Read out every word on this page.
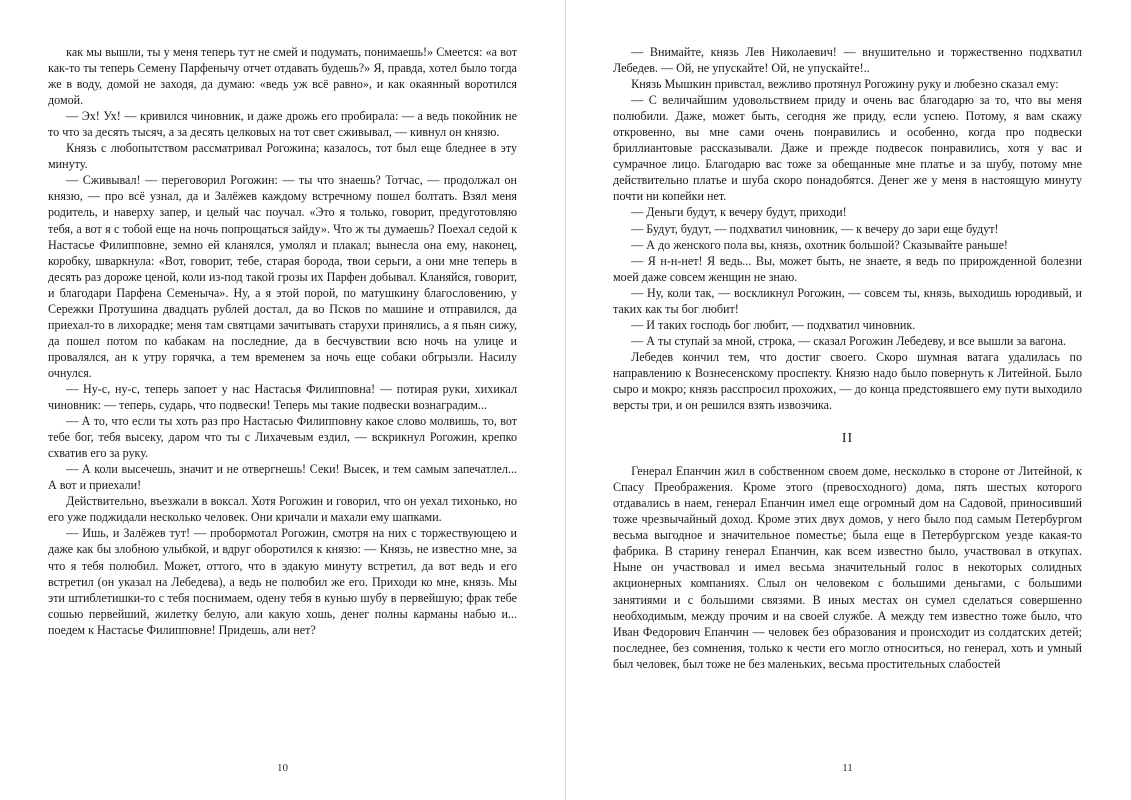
как мы вышли, ты у меня теперь тут не смей и подумать, понимаешь!» Смеется: «а вот как-то ты теперь Семену Парфенычу отчет отдавать будешь?» Я, правда, хотел было тогда же в воду, домой не заходя, да думаю: «ведь уж всё равно», и как окаянный воротился домой.

— Эх! Ух! — кривился чиновник, и даже дрожь его пробирала: — а ведь покойник не то что за десять тысяч, а за десять целковых на тот свет сживывал, — кивнул он князю.

Князь с любопытством рассматривал Рогожина; казалось, тот был еще бледнее в эту минуту.

— Сживывал! — переговорил Рогожин: — ты что знаешь? Тотчас, — продолжал он князю, — про всё узнал, да и Залёжев каждому встречному пошел болтать. Взял меня родитель, и наверху запер, и целый час поучал. «Это я только, говорит, предуготовляю тебя, а вот я с тобой еще на ночь попрощаться зайду». Что ж ты думаешь? Поехал седой к Настасье Филипповне, земно ей кланялся, умолял и плакал; вынесла она ему, наконец, коробку, шваркнула: «Вот, говорит, тебе, старая борода, твои серьги, а они мне теперь в десять раз дороже ценой, коли из-под такой грозы их Парфен добывал. Кланяйся, говорит, и благодари Парфена Семеныча». Ну, а я этой порой, по матушкину благословению, у Сережки Протушина двадцать рублей достал, да во Псков по машине и отправился, да приехал-то в лихорадке; меня там святцами зачитывать старухи принялись, а я пьян сижу, да пошел потом по кабакам на последние, да в бесчувствии всю ночь на улице и провалялся, ан к утру горячка, а тем временем за ночь еще собаки обгрызли. Насилу очнулся.

— Ну-с, ну-с, теперь запоет у нас Настасья Филипповна! — потирая руки, хихикал чиновник: — теперь, сударь, что подвески! Теперь мы такие подвески вознаградим...

— А то, что если ты хоть раз про Настасью Филипповну какое слово молвишь, то, вот тебе бог, тебя высеку, даром что ты с Лихачевым ездил, — вскрикнул Рогожин, крепко схватив его за руку.

— А коли высечешь, значит и не отвергнешь! Секи! Высек, и тем самым запечатлел... А вот и приехали!

Действительно, въезжали в воксал. Хотя Рогожин и говорил, что он уехал тихонько, но его уже поджидали несколько человек. Они кричали и махали ему шапками.

— Ишь, и Залёжев тут! — пробормотал Рогожин, смотря на них с торжествующею и даже как бы злобною улыбкой, и вдруг оборотился к князю: — Князь, не известно мне, за что я тебя полюбил. Может, оттого, что в эдакую минуту встретил, да вот ведь и его встретил (он указал на Лебедева), а ведь не полюбил же его. Приходи ко мне, князь. Мы эти штиблетишки-то с тебя поснимаем, одену тебя в кунью шубу в первейшую; фрак тебе сошью первейший, жилетку белую, али какую хошь, денег полны карманы набью и... поедем к Настасье Филипповне! Придешь, али нет?

10

— Внимайте, князь Лев Николаевич! — внушительно и торжественно подхватил Лебедев. — Ой, не упускайте! Ой, не упускайте!..

Князь Мышкин привстал, вежливо протянул Рогожину руку и любезно сказал ему:

— С величайшим удовольствием приду и очень вас благодарю за то, что вы меня полюбили. Даже, может быть, сегодня же приду, если успею. Потому, я вам скажу откровенно, вы мне сами очень понравились и особенно, когда про подвески бриллиантовые рассказывали. Даже и прежде подвесок понравились, хотя у вас и сумрачное лицо. Благодарю вас тоже за обещанные мне платье и за шубу, потому мне действительно платье и шуба скоро понадобятся. Денег же у меня в настоящую минуту почти ни копейки нет.

— Деньги будут, к вечеру будут, приходи!

— Будут, будут, — подхватил чиновник, — к вечеру до зари еще будут!

— А до женского пола вы, князь, охотник большой? Сказывайте раньше!

— Я н-н-нет! Я ведь... Вы, может быть, не знаете, я ведь по прирожденной болезни моей даже совсем женщин не знаю.

— Ну, коли так, — воскликнул Рогожин, — совсем ты, князь, выходишь юродивый, и таких как ты бог любит!

— И таких господь бог любит, — подхватил чиновник.

— А ты ступай за мной, строка, — сказал Рогожин Лебедеву, и все вышли за вагона.

Лебедев кончил тем, что достиг своего. Скоро шумная ватага удалилась по направлению к Вознесенскому проспекту. Князю надо было повернуть к Литейной. Было сыро и мокро; князь расспросил прохожих, — до конца предстоявшего ему пути выходило версты три, и он решился взять извозчика.

II

Генерал Епанчин жил в собственном своем доме, несколько в стороне от Литейной, к Спасу Преображения. Кроме этого (превосходного) дома, пять шестых которого отдавались в наем, генерал Епанчин имел еще огромный дом на Садовой, приносивший тоже чрезвычайный доход. Кроме этих двух домов, у него было под самым Петербургом весьма выгодное и значительное поместье; была еще в Петербургском уезде какая-то фабрика. В старину генерал Епанчин, как всем известно было, участвовал в откупах. Ныне он участвовал и имел весьма значительный голос в некоторых солидных акционерных компаниях. Слыл он человеком с большими деньгами, с большими занятиями и с большими связями. В иных местах он сумел сделаться совершенно необходимым, между прочим и на своей службе. А между тем известно тоже было, что Иван Федорович Епанчин — человек без образования и происходит из солдатских детей; последнее, без сомнения, только к чести его могло относиться, но генерал, хоть и умный был человек, был тоже не без маленьких, весьма простительных слабостей

11
